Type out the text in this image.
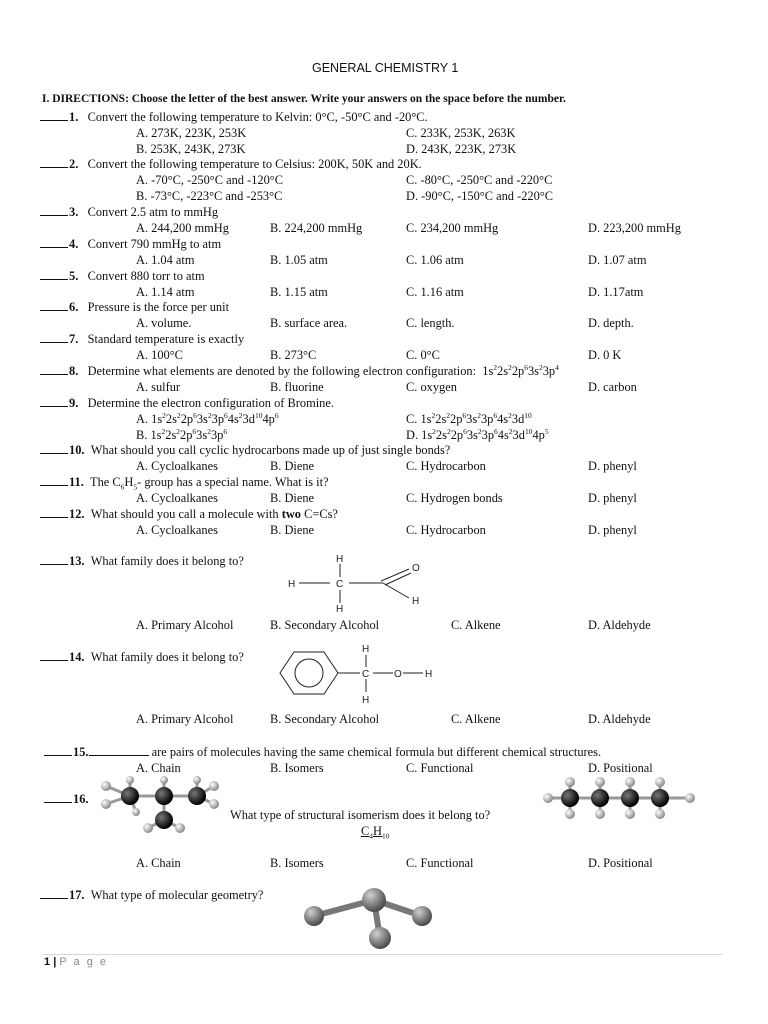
GENERAL CHEMISTRY 1
I. DIRECTIONS: Choose the letter of the best answer. Write your answers on the space before the number.
1. Convert the following temperature to Kelvin: 0°C, -50°C and -20°C.
A. 273K, 223K, 253K	C. 233K, 253K, 263K
B. 253K, 243K, 273K	D. 243K, 223K, 273K
2. Convert the following temperature to Celsius: 200K, 50K and 20K.
A. -70°C, -250°C and -120°C	C. -80°C, -250°C and -220°C
B. -73°C, -223°C and -253°C	D. -90°C, -150°C and -220°C
3. Convert 2.5 atm to mmHg
A. 244,200 mmHg	B. 224,200 mmHg	C. 234,200 mmHg	D. 223,200 mmHg
4. Convert 790 mmHg to atm
A. 1.04 atm	B. 1.05 atm	C. 1.06 atm	D. 1.07 atm
5. Convert 880 torr to atm
A. 1.14 atm	B. 1.15 atm	C. 1.16 atm	D. 1.17atm
6. Pressure is the force per unit
A. volume.	B. surface area.	C. length.	D. depth.
7. Standard temperature is exactly
A. 100°C	B. 273°C	C. 0°C	D. 0 K
8. Determine what elements are denoted by the following electron configuration: $1s^22s^22p^63s^23p^4$
A. sulfur	B. fluorine	C. oxygen	D. carbon
9. Determine the electron configuration of Bromine.
A. $1s^22s^22p^63s^23p^64s^23d^{10}4p^6$	C. $1s^22s^22p^63s^23p^64s^23d^{10}$
B. $1s^22s^22p^63s^23p^6$	D. $1s^22s^22p^63s^23p^64s^23d^{10}4p^5$
10. What should you call cyclic hydrocarbons made up of just single bonds?
A. Cycloalkanes	B. Diene	C. Hydrocarbon	D. phenyl
11. The $C_6H_5-$ group has a special name. What is it?
A. Cycloalkanes	B. Diene	C. Hydrogen bonds	D. phenyl
12. What should you call a molecule with two C=Cs?
A. Cycloalkanes	B. Diene	C. Hydrocarbon	D. phenyl
13. What family does it belong to?	H
C
H
H
O
H
A. Primary Alcohol	B. Secondary Alcohol	C. Alkene	D. Aldehyde
14. What family does it belong to?
H
C
H
O H
A. Primary Alcohol	B. Secondary Alcohol	C. Alkene	D. Aldehyde
15.	are pairs of molecules having the same chemical formula but different chemical structures.
A. Chain	B. Isomers	C. Functional	D. Positional
16.
What type of structural isomerism does it belong to?
$C_4H_{10}$
A. Chain	B. Isomers	C. Functional	D. Positional
17. What type of molecular geometry?
1 | P a g e
